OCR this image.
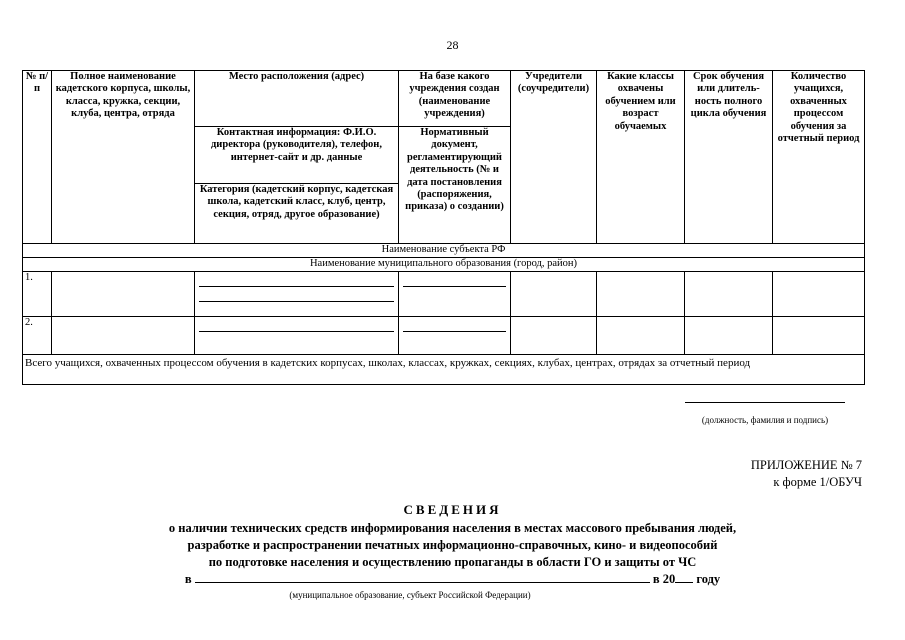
28
№ п/п	Полное наименование кадетского корпуса, школы, класса, кружка, секции, клуба, центра, отряда	Место расположения (адрес)	На базе какого учреждения создан (наименование учреждения)	Учредители (соучредители)	Какие классы охвачены обучением или возраст обучаемых	Срок обучения или длитель-ность полного цикла обучения	Количество учащихся, охваченных процессом обучения за отчетный период
		Контактная информация: Ф.И.О. директора (руководителя), телефон, интернет-сайт и др. данные	Нормативный документ, регламентирующий деятельность (№ и дата постановления (распоряжения, приказа) о создании)				
		Категория (кадетский корпус, кадетская школа, кадетский класс, клуб, центр, секция, отряд, другое образование)					
Наименование субъекта РФ							
Наименование муниципального образования (город, район)							
1.		

2.		

Всего учащихся, охваченных процессом обучения в кадетских корпусах, школах, классах, кружках, секциях, клубах, центрах, отрядах за отчетный период							
(должность, фамилия и подпись)
ПРИЛОЖЕНИЕ № 7
к форме 1/ОБУЧ
СВЕДЕНИЯ
о наличии технических средств информирования населения в местах массового пребывания людей,
разработке и распространении печатных информационно-справочных, кино- и видеопособий
по подготовке населения и осуществлению пропаганды в области ГО и защиты от ЧС
в	в 20 году
(муниципальное образование, субъект Российской Федерации)
